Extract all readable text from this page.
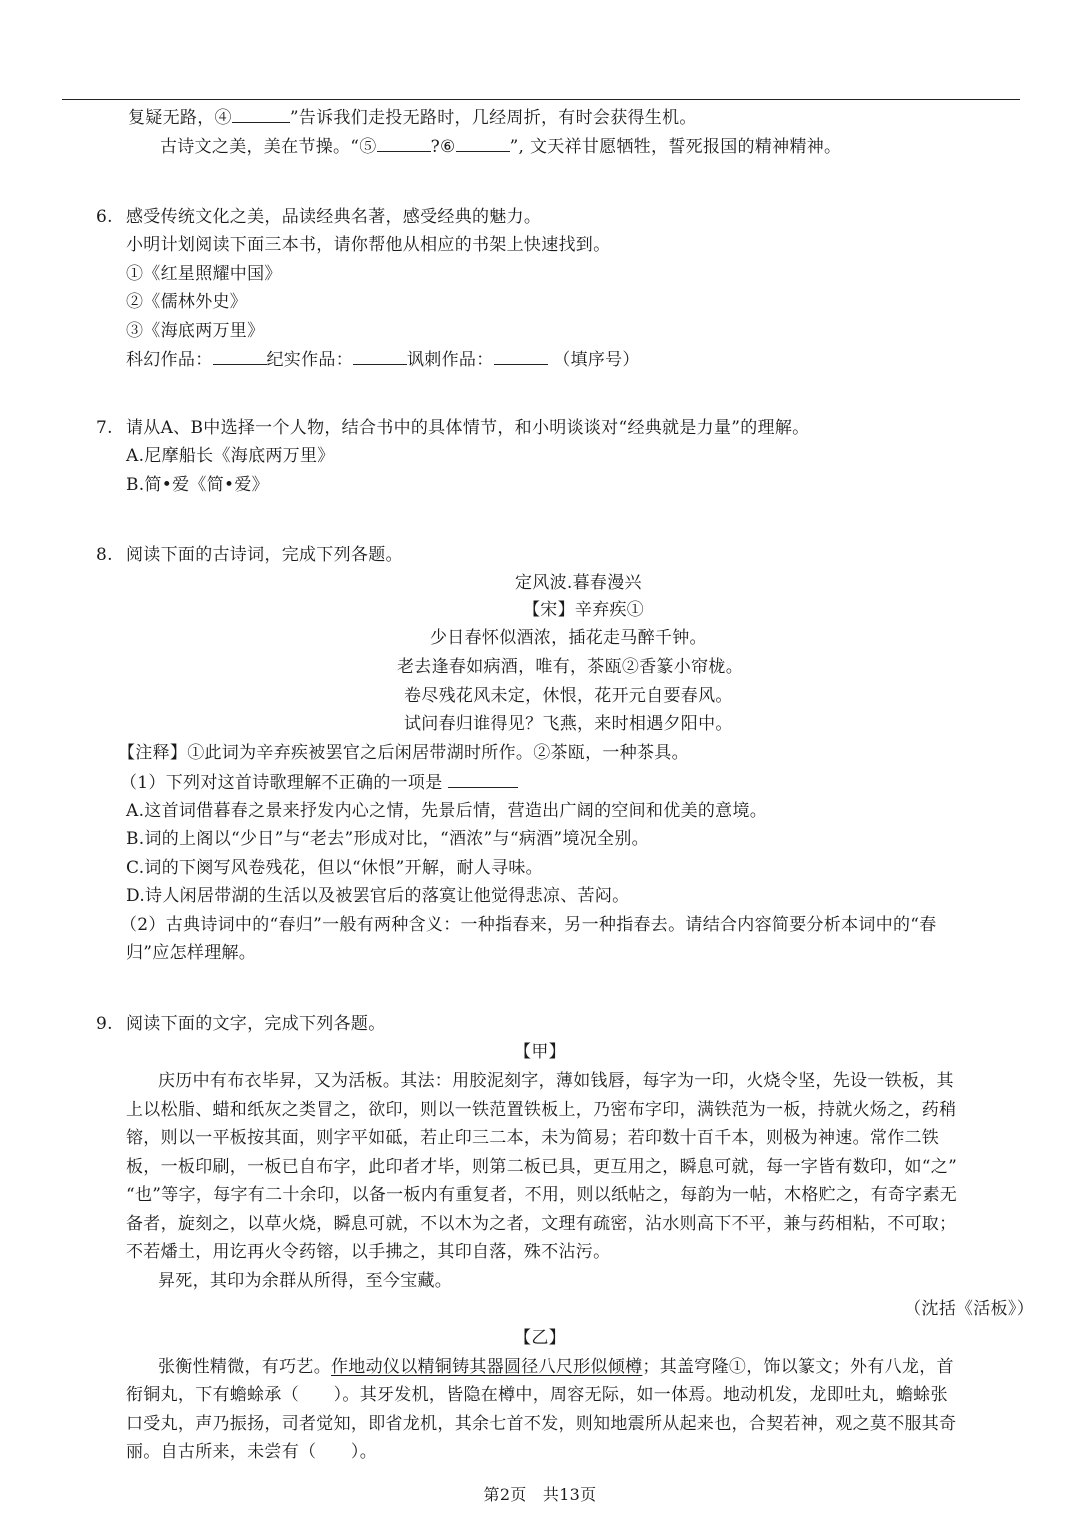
复疑无路，④	”告诉我们走投无路时，几经周折，有时会获得生机。
古诗文之美，美在节操。“⑤	?⑥	”, 文天祥甘愿牺牲，誓死报国的精神精神。
6. 感受传统文化之美，品读经典名著，感受经典的魅力。
小明计划阅读下面三本书，请你帮他从相应的书架上快速找到。
①《红星照耀中国》
②《儒林外史》
③《海底两万里》
科幻作品：	纪实作品：	讽刺作品：	（填序号）
7. 请从A、B中选择一个人物，结合书中的具体情节，和小明谈谈对“经典就是力量”的理解。
A.尼摩船长《海底两万里》
B.简•爱《简•爱》
8. 阅读下面的古诗词，完成下列各题。
定风波.暮春漫兴
【宋】辛弃疾①
少日春怀似酒浓，插花走马醉千钟。
老去逢春如病酒，唯有，茶瓯②香篆小帘栊。
卷尽残花风未定，休恨，花开元自要春风。
试问春归谁得见？飞燕，来时相遇夕阳中。
【注释】①此词为辛弃疾被罢官之后闲居带湖时所作。②茶瓯，一种茶具。
（1）下列对这首诗歌理解不正确的一项是
A.这首词借暮春之景来抒发内心之情，先景后情，营造出广阔的空间和优美的意境。
B.词的上阁以“少日”与“老去”形成对比，“酒浓”与“病酒”境况全别。
C.词的下阕写风卷残花，但以“休恨”开解，耐人寻味。
D.诗人闲居带湖的生活以及被罢官后的落寞让他觉得悲凉、苦闷。
（2）古典诗词中的“春归”一般有两种含义：一种指春来，另一种指春去。请结合内容简要分析本词中的“春
归”应怎样理解。
9. 阅读下面的文字，完成下列各题。
【甲】
庆历中有布衣毕昇，又为活板。其法：用胶泥刻字，薄如钱唇，每字为一印，火烧令坚，先设一铁板，其
上以松脂、蜡和纸灰之类冒之，欲印，则以一铁范置铁板上，乃密布字印，满铁范为一板，持就火炀之，药稍
镕，则以一平板按其面，则字平如砥，若止印三二本，未为简易；若印数十百千本，则极为神速。常作二铁
板，一板印刷，一板已自布字，此印者才毕，则第二板已具，更互用之，瞬息可就，每一字皆有数印，如“之”
“也”等字，每字有二十余印，以备一板内有重复者，不用，则以纸帖之，每韵为一帖，木格贮之，有奇字素无
备者，旋刻之，以草火烧，瞬息可就，不以木为之者，文理有疏密，沾水则高下不平，兼与药相粘，不可取；
不若燔土，用讫再火令药镕，以手拂之，其印自落，殊不沾污。
昇死，其印为余群从所得，至今宝藏。
（沈括《活板》）
【乙】
张衡性精微，有巧艺。作地动仪以精铜铸其器圆径八尺形似倾樽；其盖穹隆①，饰以篆文；外有八龙，首
衔铜丸，下有蟾蜍承（　　）。其牙发机，皆隐在樽中，周容无际，如一体焉。地动机发，龙即吐丸，蟾蜍张
口受丸，声乃振扬，司者觉知，即省龙机，其余七首不发，则知地震所从起来也，合契若神，观之莫不服其奇
丽。自古所来，未尝有（　　）。
第2页　共13页
